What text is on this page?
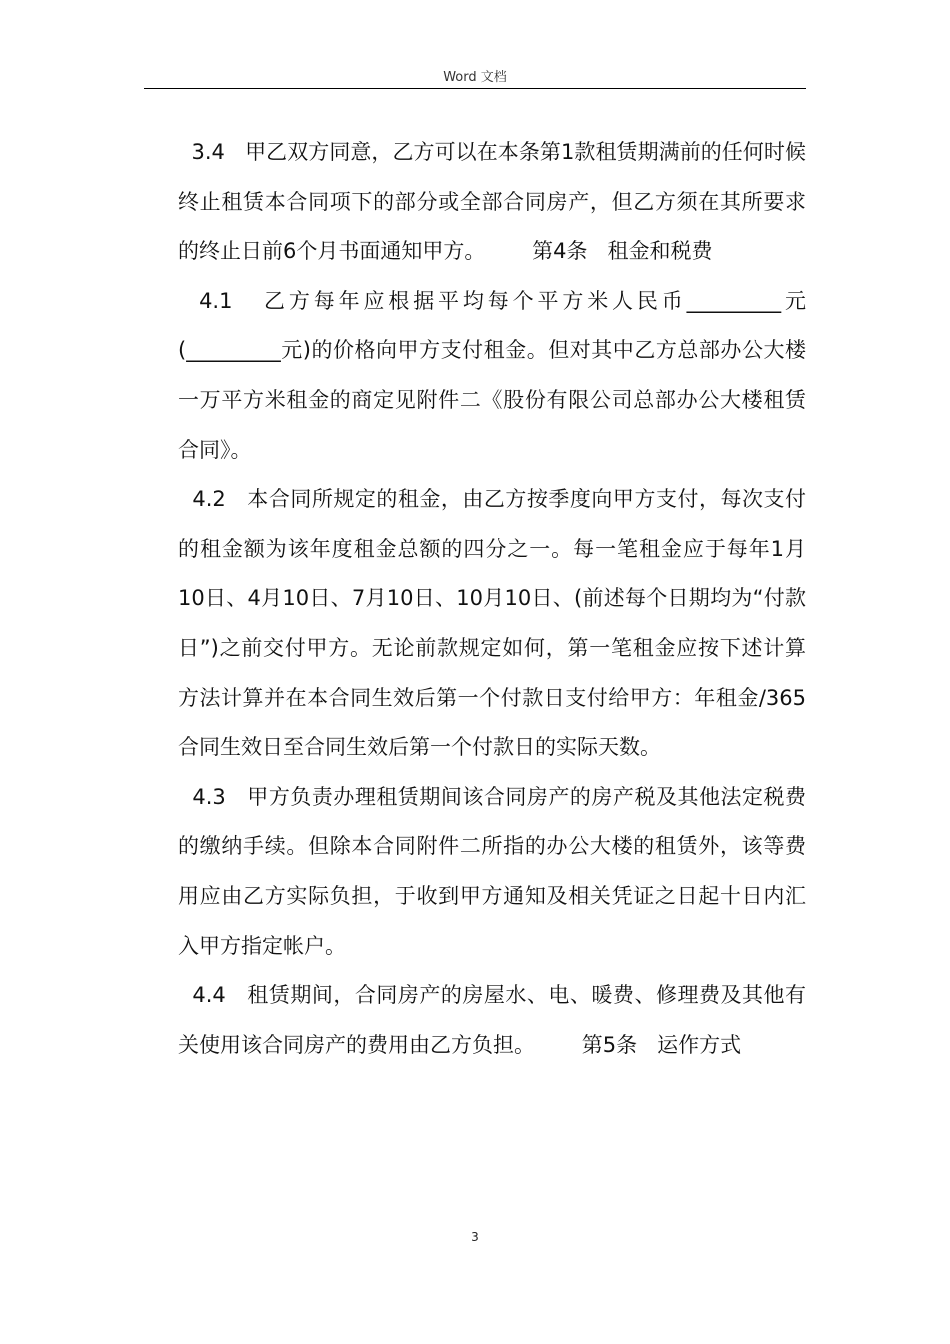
Word 文档

3.4   甲乙双方同意，乙方可以在本条第1款租赁期满前的任何时候终止租赁本合同项下的部分或全部合同房产，但乙方须在其所要求的终止日前6个月书面通知甲方。       第4条   租金和税费

4.1   乙方每年应根据平均每个平方米人民币_________元(_________元)的价格向甲方支付租金。但对其中乙方总部办公大楼一万平方米租金的商定见附件二《股份有限公司总部办公大楼租赁合同》。

4.2   本合同所规定的租金，由乙方按季度向甲方支付，每次支付的租金额为该年度租金总额的四分之一。每一笔租金应于每年1月10日、4月10日、7月10日、10月10日、(前述每个日期均为“付款日”)之前交付甲方。无论前款规定如何，第一笔租金应按下述计算方法计算并在本合同生效后第一个付款日支付给甲方：年租金/365合同生效日至合同生效后第一个付款日的实际天数。

4.3   甲方负责办理租赁期间该合同房产的房产税及其他法定税费的缴纳手续。但除本合同附件二所指的办公大楼的租赁外，该等费用应由乙方实际负担，于收到甲方通知及相关凭证之日起十日内汇入甲方指定帐户。

4.4   租赁期间，合同房产的房屋水、电、暖费、修理费及其他有关使用该合同房产的费用由乙方负担。       第5条   运作方式

3
